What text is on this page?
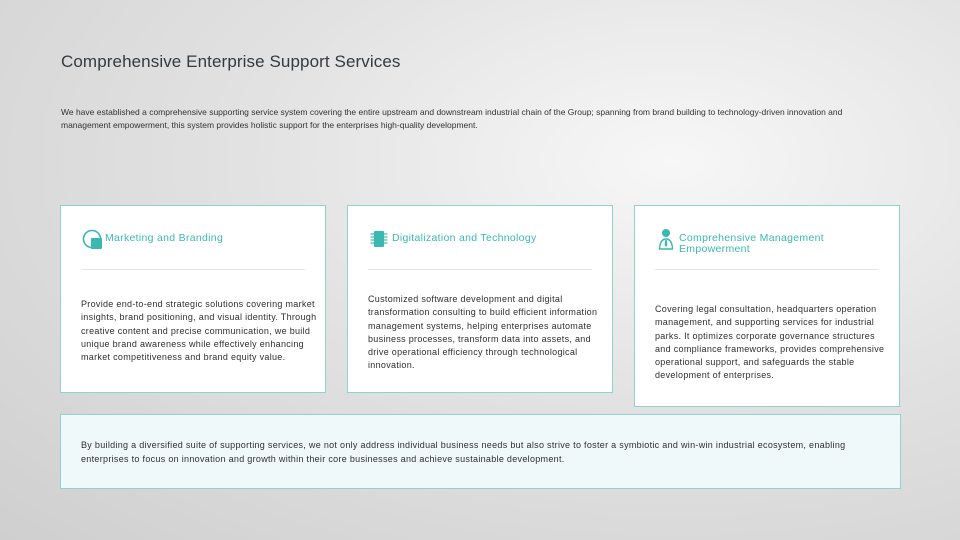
Comprehensive Enterprise Support Services
We have established a comprehensive supporting service system covering the entire upstream and downstream industrial chain of the Group; spanning from brand building to technology-driven innovation and management empowerment, this system provides holistic support for the enterprises high-quality development.
Marketing and Branding
Provide end-to-end strategic solutions covering market insights, brand positioning, and visual identity. Through creative content and precise communication, we build unique brand awareness while effectively enhancing market competitiveness and brand equity value.
Digitalization and Technology
Customized software development and digital transformation consulting to build efficient information management systems, helping enterprises automate business processes, transform data into assets, and drive operational efficiency through technological innovation.
Comprehensive Management Empowerment
Covering legal consultation, headquarters operation management, and supporting services for industrial parks. It optimizes corporate governance structures and compliance frameworks, provides comprehensive operational support, and safeguards the stable development of enterprises.
By building a diversified suite of supporting services, we not only address individual business needs but also strive to foster a symbiotic and win-win industrial ecosystem, enabling enterprises to focus on innovation and growth within their core businesses and achieve sustainable development.
